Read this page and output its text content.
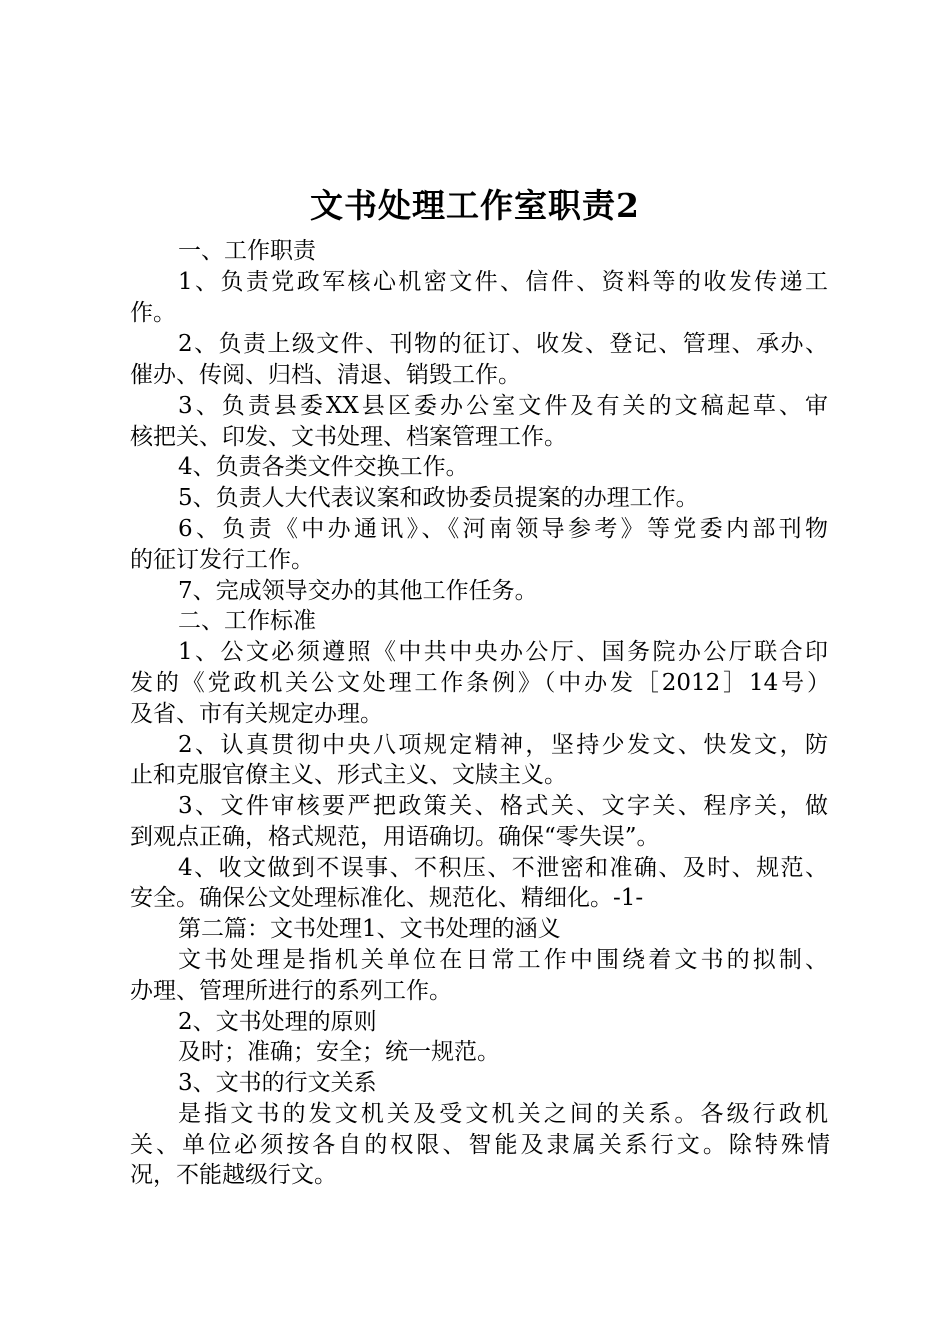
文书处理工作室职责2

一、工作职责

1、负责党政军核心机密文件、信件、资料等的收发传递工

作。

2、负责上级文件、刊物的征订、收发、登记、管理、承办、

催办、传阅、归档、清退、销毁工作。

3、负责县委XX县区委办公室文件及有关的文稿起草、审

核把关、印发、文书处理、档案管理工作。

4、负责各类文件交换工作。

5、负责人大代表议案和政协委员提案的办理工作。

6、负责《中办通讯》、《河南领导参考》等党委内部刊物

的征订发行工作。

7、完成领导交办的其他工作任务。

二、工作标准

1、公文必须遵照《中共中央办公厅、国务院办公厅联合印

发的《党政机关公文处理工作条例》（中办发［2012］14号）

及省、市有关规定办理。

2、认真贯彻中央八项规定精神，坚持少发文、快发文，防

止和克服官僚主义、形式主义、文牍主义。

3、文件审核要严把政策关、格式关、文字关、程序关，做

到观点正确，格式规范，用语确切。确保“零失误”。

4、收文做到不误事、不积压、不泄密和准确、及时、规范、

安全。确保公文处理标准化、规范化、精细化。-1-

第二篇：文书处理1、文书处理的涵义

文书处理是指机关单位在日常工作中围绕着文书的拟制、

办理、管理所进行的系列工作。

2、文书处理的原则

及时；准确；安全；统一规范。

3、文书的行文关系

是指文书的发文机关及受文机关之间的关系。各级行政机

关、单位必须按各自的权限、智能及隶属关系行文。除特殊情

况，不能越级行文。
